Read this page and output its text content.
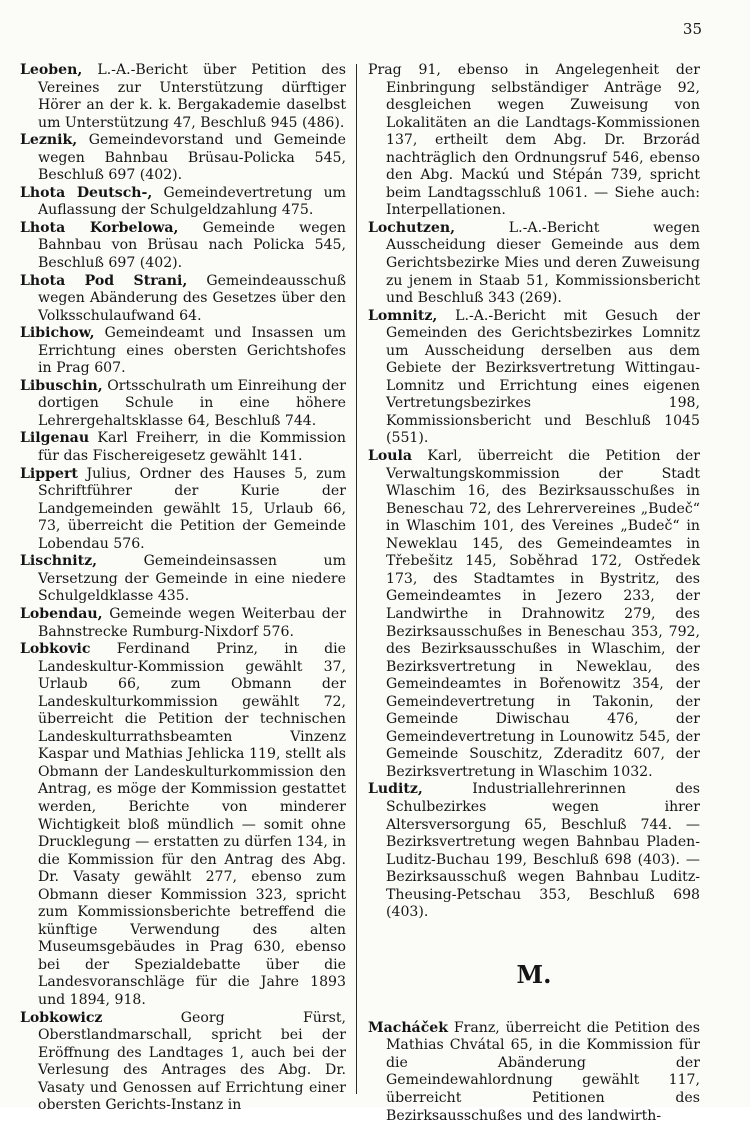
35
Leoben, L.-A.-Bericht über Petition des Vereines zur Unterstützung dürftiger Hörer an der k. k. Bergakademie daselbst um Unterstützung 47, Beschluß 945 (486).
Leznik, Gemeindevorstand und Gemeinde wegen Bahnbau Brüsau-Policka 545, Beschluß 697 (402).
Lhota Deutsch-, Gemeindevertretung um Auflassung der Schulgeldzahlung 475.
Lhota Korbelowa, Gemeinde wegen Bahnbau von Brüsau nach Policka 545, Beschluß 697 (402).
Lhota Pod Strani, Gemeindeausschuß wegen Abänderung des Gesetzes über den Volksschulaufwand 64.
Libichow, Gemeindeamt und Insassen um Errichtung eines obersten Gerichtshofes in Prag 607.
Libuschin, Ortsschulrath um Einreihung der dortigen Schule in eine höhere Lehrergehaltsklasse 64, Beschluß 744.
Lilgenau Karl Freiherr, in die Kommission für das Fischereigesetz gewählt 141.
Lippert Julius, Ordner des Hauses 5, zum Schriftführer der Kurie der Landgemeinden gewählt 15, Urlaub 66, 73, überreicht die Petition der Gemeinde Lobendau 576.
Lischnitz,	Gemeindeinsassen um Versetzung der Gemeinde in eine niedere Schulgeldklasse 435.
Lobendau, Gemeinde wegen Weiterbau der Bahnstrecke Rumburg-Nixdorf 576.
Lobkovic Ferdinand Prinz, in die Landeskultur-Kommission gewählt 37, Urlaub 66, zum Obmann der Landeskulturkommission gewählt 72, überreicht die Petition der technischen Landeskulturrathsbeamten Vinzenz Kaspar und Mathias Jehlicka 119, stellt als Obmann der Landeskulturkommission den Antrag, es möge der Kommission gestattet werden, Berichte von minderer Wichtigkeit bloß mündlich — somit ohne Drucklegung — erstatten zu dürfen 134, in die Kommission für den Antrag des Abg. Dr. Vasaty gewählt 277, ebenso zum Obmann dieser Kommission 323, spricht zum Kommissionsberichte betreffend die künftige Verwendung des alten Museumsgebäudes in Prag 630, ebenso bei der Spezialdebatte über die Landesvoranschläge für die Jahre 1893 und 1894, 918.
Lobkowicz	Georg Fürst, Oberstlandmarschall, spricht bei der Eröffnung des Landtages 1, auch bei der Verlesung des Antrages des Abg. Dr. Vasaty und Genossen auf Errichtung einer obersten Gerichts-Instanz in
Prag 91, ebenso in Angelegenheit der Einbringung selbständiger Anträge 92, desgleichen wegen Zuweisung von Lokalitäten an die Landtags-Kommissionen 137, ertheilt dem Abg. Dr. Brzorád nachträglich den Ordnungsruf 546, ebenso den Abg. Mackú und Stépán 739, spricht beim Landtagsschluß 1061. — Siehe auch: Interpellationen.
Lochutzen,	L.-A.-Bericht wegen Ausscheidung dieser Gemeinde aus dem Gerichtsbezirke Mies und deren Zuweisung zu jenem in Staab 51, Kommissionsbericht und Beschluß 343 (269).
Lomnitz, L.-A.-Bericht mit Gesuch der Gemeinden des Gerichtsbezirkes Lomnitz um Ausscheidung derselben aus dem Gebiete der Bezirksvertretung Wittingau-Lomnitz und Errichtung eines eigenen Vertretungsbezirkes 198, Kommissionsbericht und Beschluß 1045 (551).
Loula Karl, überreicht die Petition der Verwaltungskommission der Stadt Wlaschim 16, des Bezirksausschußes in Beneschau 72, des Lehrervereines „Budeč“ in Wlaschim 101, des Vereines „Budeč“ in Neweklau 145, des Gemeindeamtes in Třebešitz 145, Soběhrad 172, Ostředek 173, des Stadtamtes in Bystritz, des Gemeindeamtes in Jezero 233, der Landwirthe in Drahnowitz 279, des Bezirksausschußes in Beneschau 353, 792, des Bezirksausschußes in Wlaschim, der Bezirksvertretung in Neweklau, des Gemeindeamtes in Bořenowitz 354, der Gemeindevertretung in Takonin, der Gemeinde Diwischau 476, der Gemeindevertretung in Lounowitz 545, der Gemeinde Souschitz, Zderaditz 607, der Bezirksvertretung in Wlaschim 1032.
Luditz,	Industriallehrerinnen des Schulbezirkes wegen ihrer Altersversorgung 65, Beschluß 744. — Bezirksvertretung wegen Bahnbau Pladen-Luditz-Buchau 199, Beschluß 698 (403). — Bezirksausschuß wegen Bahnbau Luditz-Theusing-Petschau 353, Beschluß 698 (403).
M.
Macháček Franz, überreicht die Petition des Mathias Chvátal 65, in die Kommission für die Abänderung der Gemeindewahlordnung gewählt 117, überreicht Petitionen des Bezirksausschußes und des landwirth-
